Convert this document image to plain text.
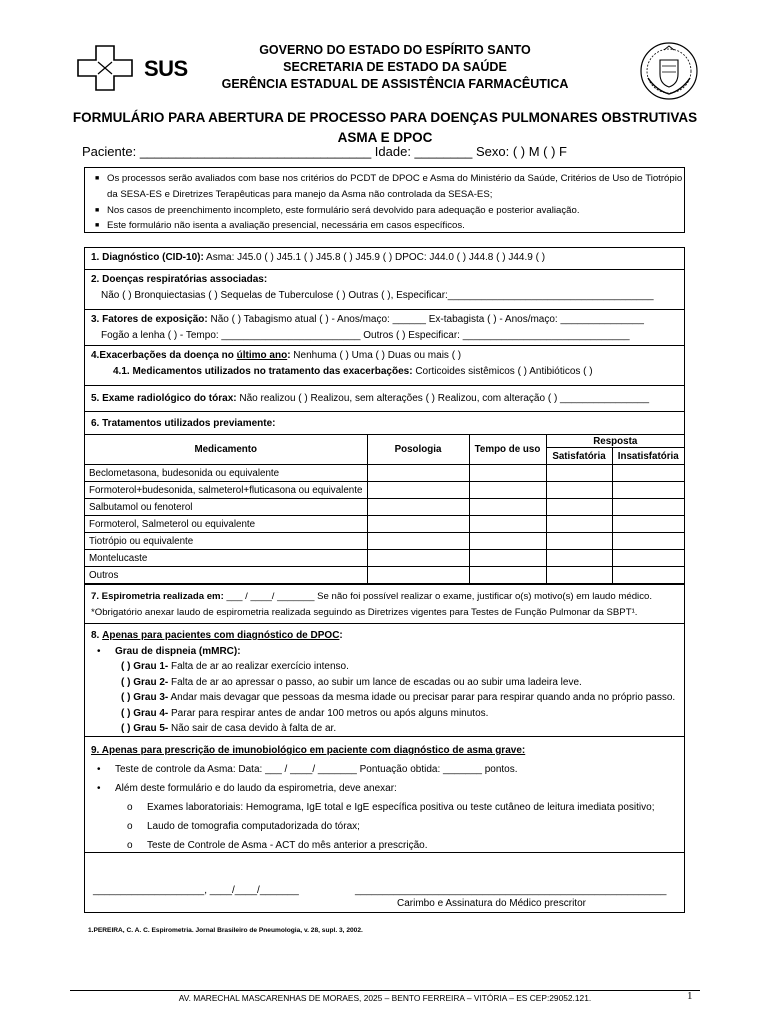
SUS
GOVERNO DO ESTADO DO ESPÍRITO SANTO
SECRETARIA DE ESTADO DA SAÚDE
GERÊNCIA ESTADUAL DE ASSISTÊNCIA FARMACÊUTICA
FORMULÁRIO PARA ABERTURA DE PROCESSO PARA DOENÇAS PULMONARES OBSTRUTIVAS
ASMA E DPOC
Paciente: ________________________________ Idade: ________ Sexo: ( ) M ( ) F
■ Os processos serão avaliados com base nos critérios do PCDT de DPOC e Asma do Ministério da Saúde, Critérios de Uso de Tiotrópio
da SESA-ES e Diretrizes Terapêuticas para manejo da Asma não controlada da SESA-ES;
■ Nos casos de preenchimento incompleto, este formulário será devolvido para adequação e posterior avaliação.
■ Este formulário não isenta a avaliação presencial, necessária em casos específicos.
1. Diagnóstico (CID-10): Asma: J45.0 ( ) J45.1 ( ) J45.8 ( ) J45.9 ( ) DPOC: J44.0 ( ) J44.8 ( ) J44.9 ( )
2. Doenças respiratórias associadas:
Não ( ) Bronquiectasias ( ) Sequelas de Tuberculose ( ) Outras ( ), Especificar:_____________________________________
3. Fatores de exposição: Não ( ) Tabagismo atual ( ) - Anos/maço: ______ Ex-tabagista ( ) - Anos/maço: _______________
Fogão a lenha ( ) - Tempo: _________________________ Outros ( ) Especificar: ______________________________
4.Exacerbações da doença no último ano: Nenhuma ( ) Uma ( ) Duas ou mais ( )
4.1. Medicamentos utilizados no tratamento das exacerbações: Corticoides sistêmicos ( ) Antibióticos ( )
5. Exame radiológico do tórax: Não realizou ( ) Realizou, sem alterações ( ) Realizou, com alteração ( ) ________________
6. Tratamentos utilizados previamente:
Medicamento	Posologia	Tempo de uso	Resposta	
			Satisfatória	Insatisfatória
Beclometasona, budesonida ou equivalente				
Formoterol+budesonida, salmeterol+fluticasona ou equivalente				
Salbutamol ou fenoterol				
Formoterol, Salmeterol ou equivalente				
Tiotrópio ou equivalente				
Montelucaste				
Outros				
7. Espirometria realizada em: ___ / ____/ _______ Se não foi possível realizar o exame, justificar o(s) motivo(s) em laudo médico.
*Obrigatório anexar laudo de espirometria realizada seguindo as Diretrizes vigentes para Testes de Função Pulmonar da SBPT¹.
8. Apenas para pacientes com diagnóstico de DPOC:
• Grau de dispneia (mMRC):
( ) Grau 1- Falta de ar ao realizar exercício intenso.
( ) Grau 2- Falta de ar ao apressar o passo, ao subir um lance de escadas ou ao subir uma ladeira leve.
( ) Grau 3- Andar mais devagar que pessoas da mesma idade ou precisar parar para respirar quando anda no próprio passo.
( ) Grau 4- Parar para respirar antes de andar 100 metros ou após alguns minutos.
( ) Grau 5- Não sair de casa devido à falta de ar.
9. Apenas para prescrição de imunobiológico em paciente com diagnóstico de asma grave:
• Teste de controle da Asma: Data: ___ / ____/ _______ Pontuação obtida: _______ pontos.
• Além deste formulário e do laudo da espirometria, deve anexar:
o Exames laboratoriais: Hemograma, IgE total e IgE específica positiva ou teste cutâneo de leitura imediata positivo;
o Laudo de tomografia computadorizada do tórax;
o Teste de Controle de Asma - ACT do mês anterior a prescrição.
____________________, ____/____/_______	________________________________________________________
Carimbo e Assinatura do Médico prescritor
1.PEREIRA, C. A. C. Espirometria. Jornal Brasileiro de Pneumologia, v. 28, supl. 3, 2002.
AV. MARECHAL MASCARENHAS DE MORAES, 2025 – BENTO FERREIRA – VITÓRIA – ES CEP:29052.121.	1
